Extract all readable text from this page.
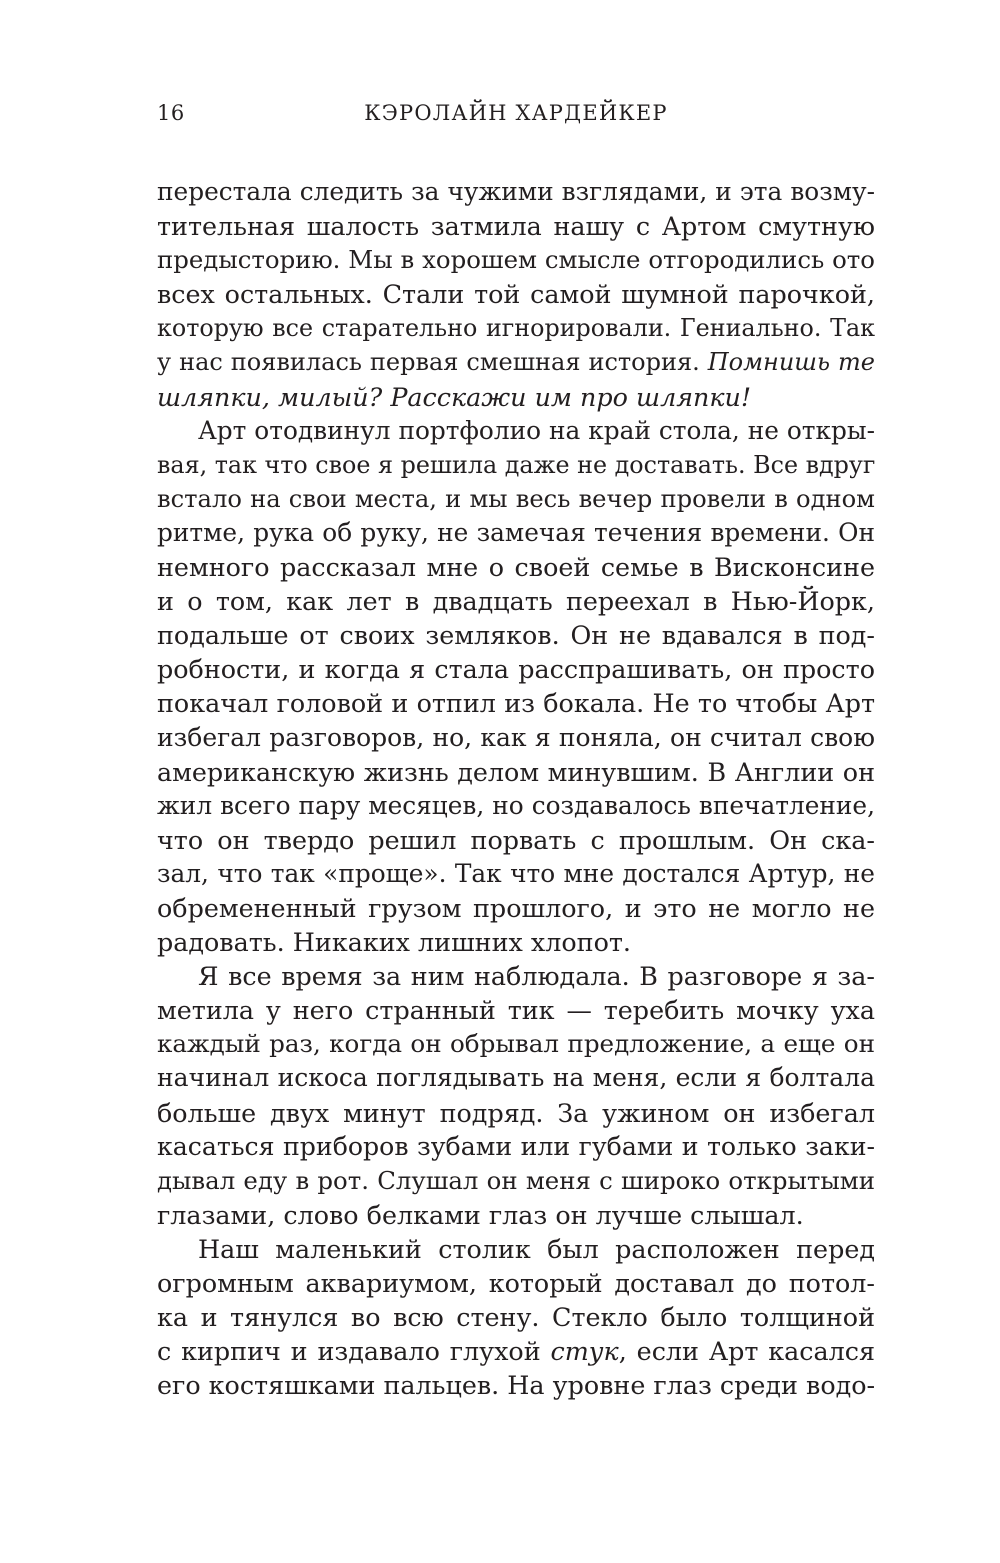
16	КЭРОЛАЙН ХАРДЕЙКЕР
перестала следить за чужими взглядами, и эта возму-
тительная шалость затмила нашу с Артом смутную
предысторию. Мы в хорошем смысле отгородились ото
всех остальных. Стали той самой шумной парочкой,
которую все старательно игнорировали. Гениально. Так
у нас появилась первая смешная история. Помнишь те
шляпки, милый? Расскажи им про шляпки!
Арт отодвинул портфолио на край стола, не откры-
вая, так что свое я решила даже не доставать. Все вдруг
встало на свои места, и мы весь вечер провели в одном
ритме, рука об руку, не замечая течения времени. Он
немного рассказал мне о своей семье в Висконсине
и о том, как лет в двадцать переехал в Нью-Йорк,
подальше от своих земляков. Он не вдавался в под-
робности, и когда я стала расспрашивать, он просто
покачал головой и отпил из бокала. Не то чтобы Арт
избегал разговоров, но, как я поняла, он считал свою
американскую жизнь делом минувшим. В Англии он
жил всего пару месяцев, но создавалось впечатление,
что он твердо решил порвать с прошлым. Он ска-
зал, что так «проще». Так что мне достался Артур, не
обремененный грузом прошлого, и это не могло не
радовать. Никаких лишних хлопот.
Я все время за ним наблюдала. В разговоре я за-
метила у него странный тик — теребить мочку уха
каждый раз, когда он обрывал предложение, а еще он
начинал искоса поглядывать на меня, если я болтала
больше двух минут подряд. За ужином он избегал
касаться приборов зубами или губами и только заки-
дывал еду в рот. Слушал он меня с широко открытыми
глазами, слово белками глаз он лучше слышал.
Наш маленький столик был расположен перед
огромным аквариумом, который доставал до потол-
ка и тянулся во всю стену. Стекло было толщиной
с кирпич и издавало глухой стук, если Арт касался
его костяшками пальцев. На уровне глаз среди водо-
